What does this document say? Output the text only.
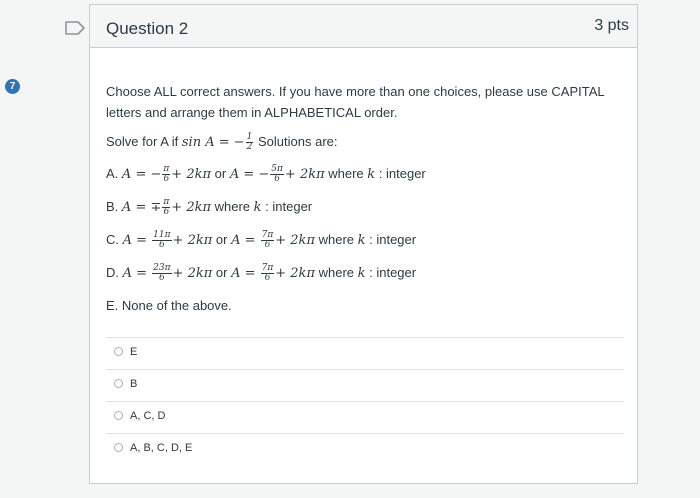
7
Question 2	3 pts

Choose ALL correct answers. If you have more than one choices, please use CAPITAL letters and arrange them in ALPHABETICAL order.

Solve for A if sin A = − $\frac{1}{2}$ Solutions are:

A. A = − $\frac{\pi}{6} + 2k\pi$ or A = − $\frac{5\pi}{6} + 2k\pi$ where k : integer
B. A = ∓ $\frac{\pi}{6} + 2k\pi$ where k : integer
C. $A = \frac{11\pi}{6} + 2k\pi$ or $A = \frac{7\pi}{6} + 2k\pi$ where k : integer
D. $A = \frac{23\pi}{6} + 2k\pi$ or $A = \frac{7\pi}{6} + 2k\pi$ where k : integer
E. None of the above.
E
B
A, C, D
A, B, C, D, E
